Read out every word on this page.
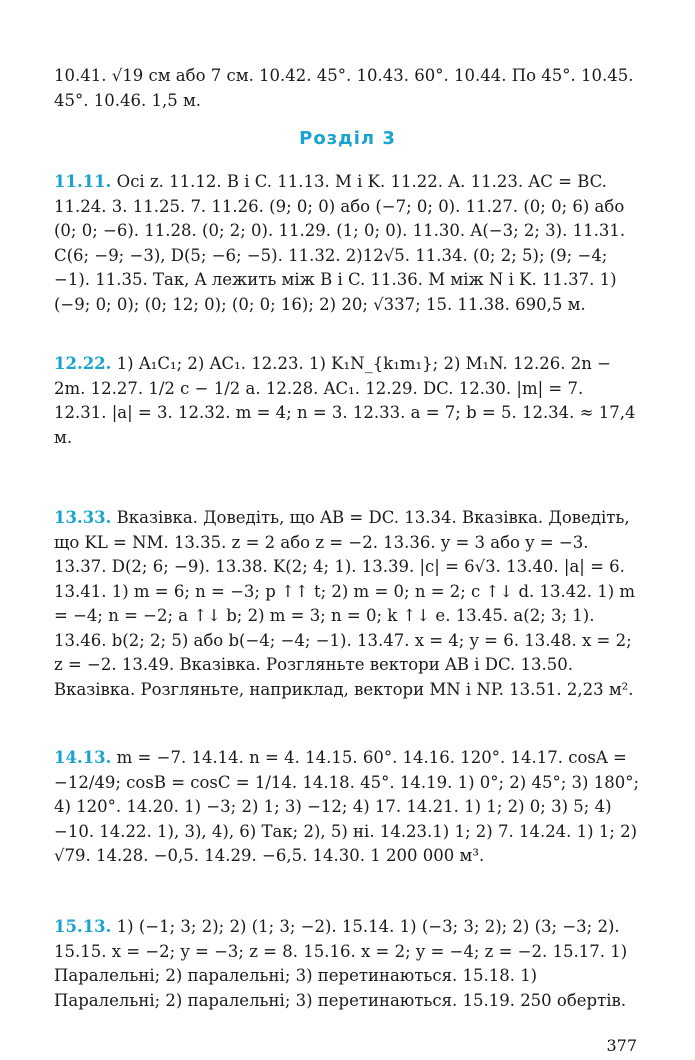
10.41. √19 см або 7 см. 10.42. 45°. 10.43. 60°. 10.44. По 45°. 10.45. 45°. 10.46. 1,5 м.
Розділ 3
11.11. Осі z. 11.12. B і C. 11.13. M і K. 11.22. A. 11.23. AC = BC. 11.24. 3. 11.25. 7. 11.26. (9; 0; 0) або (−7; 0; 0). 11.27. (0; 0; 6) або (0; 0; −6). 11.28. (0; 2; 0). 11.29. (1; 0; 0). 11.30. A(−3; 2; 3). 11.31. C(6; −9; −3), D(5; −6; −5). 11.32. 2)12√5. 11.34. (0; 2; 5); (9; −4; −1). 11.35. Так, A лежить між B і C. 11.36. M між N і K. 11.37. 1) (−9; 0; 0); (0; 12; 0); (0; 0; 16); 2) 20; √337; 15. 11.38. 690,5 м.
12.22. 1) A₁C₁; 2) AC₁. 12.23. 1) K₁N_{k₁m₁}; 2) M₁N. 12.26. 2n − 2m. 12.27. 1/2 c − 1/2 a. 12.28. AC₁. 12.29. DC. 12.30. |m| = 7. 12.31. |a| = 3. 12.32. m = 4; n = 3. 12.33. a = 7; b = 5. 12.34. ≈ 17,4 м.
13.33. Вказівка. Доведіть, що AB = DC. 13.34. Вказівка. Доведіть, що KL = NM. 13.35. z = 2 або z = −2. 13.36. y = 3 або y = −3. 13.37. D(2; 6; −9). 13.38. K(2; 4; 1). 13.39. |c| = 6√3. 13.40. |a| = 6. 13.41. 1) m = 6; n = −3; p ↑↑ t; 2) m = 0; n = 2; c ↑↓ d. 13.42. 1) m = −4; n = −2; a ↑↓ b; 2) m = 3; n = 0; k ↑↓ e. 13.45. a(2; 3; 1). 13.46. b(2; 2; 5) або b(−4; −4; −1). 13.47. x = 4; y = 6. 13.48. x = 2; z = −2. 13.49. Вказівка. Розгляньте вектори AB і DC. 13.50. Вказівка. Розгляньте, наприклад, вектори MN і NP. 13.51. 2,23 м².
14.13. m = −7. 14.14. n = 4. 14.15. 60°. 14.16. 120°. 14.17. cosA = −12/49; cosB = cosC = 1/14. 14.18. 45°. 14.19. 1) 0°; 2) 45°; 3) 180°; 4) 120°. 14.20. 1) −3; 2) 1; 3) −12; 4) 17. 14.21. 1) 1; 2) 0; 3) 5; 4) −10. 14.22. 1), 3), 4), 6) Так; 2), 5) ні. 14.23.1) 1; 2) 7. 14.24. 1) 1; 2) √79. 14.28. −0,5. 14.29. −6,5. 14.30. 1 200 000 м³.
15.13. 1) (−1; 3; 2); 2) (1; 3; −2). 15.14. 1) (−3; 3; 2); 2) (3; −3; 2). 15.15. x = −2; y = −3; z = 8. 15.16. x = 2; y = −4; z = −2. 15.17. 1) Паралельні; 2) паралельні; 3) перетинаються. 15.18. 1) Паралельні; 2) паралельні; 3) перетинаються. 15.19. 250 обертів.
377
